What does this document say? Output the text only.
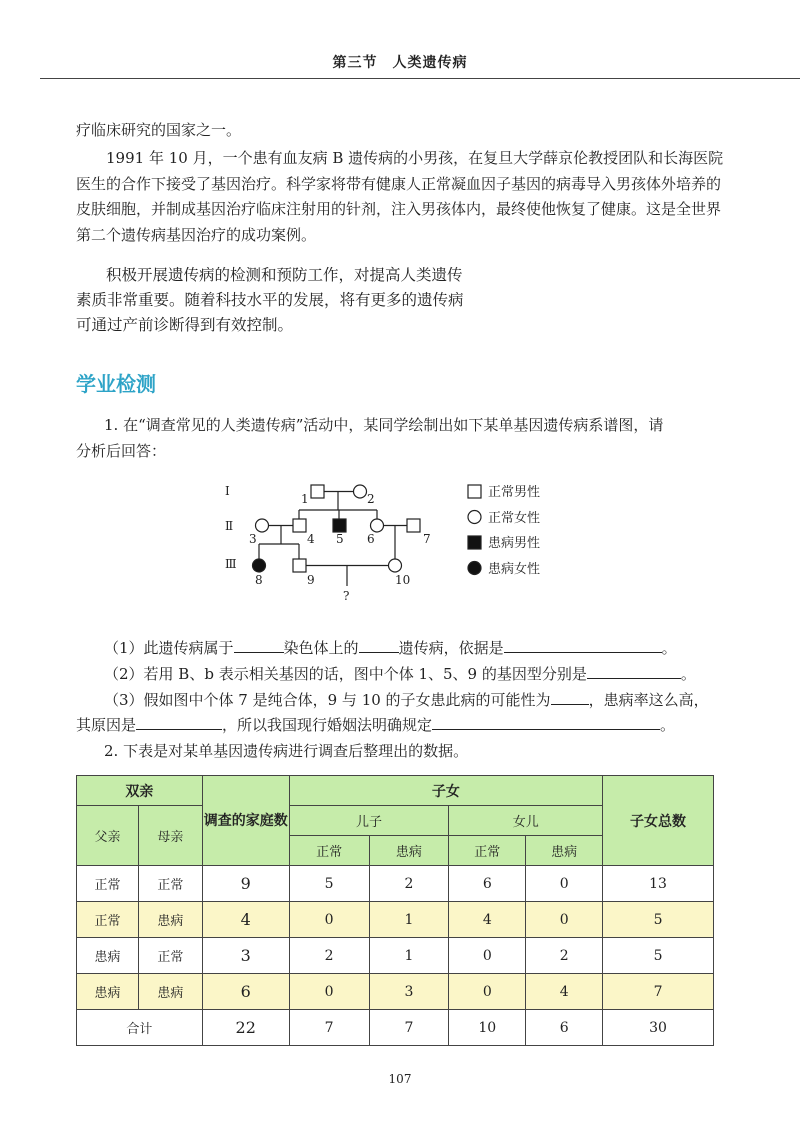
第三节　人类遗传病
疗临床研究的国家之一。
1991 年 10 月，一个患有血友病 B 遗传病的小男孩，在复旦大学薛京伦教授团队和长海医院医生的合作下接受了基因治疗。科学家将带有健康人正常凝血因子基因的病毒导入男孩体外培养的皮肤细胞，并制成基因治疗临床注射用的针剂，注入男孩体内，最终使他恢复了健康。这是全世界第二个遗传病基因治疗的成功案例。
积极开展遗传病的检测和预防工作，对提高人类遗传
素质非常重要。随着科技水平的发展，将有更多的遗传病
可通过产前诊断得到有效控制。
学业检测
1. 在“调查常见的人类遗传病”活动中，某同学绘制出如下某单基因遗传病系谱图，请
分析后回答：
Ⅰ
Ⅱ
Ⅲ
1	2
3	4 5 6	7
8	9	10
?
正常男性
正常女性
患病男性
患病女性
（1）此遗传病属于	染色体上的	遗传病，依据是	。
（2）若用 B、b 表示相关基因的话，图中个体 1、5、9 的基因型分别是	。
（3）假如图中个体 7 是纯合体，9 与 10 的子女患此病的可能性为	，患病率这么高，
其原因是	，所以我国现行婚姻法明确规定	。
2. 下表是对某单基因遗传病进行调查后整理出的数据。
双亲		调查的家庭数	子女				子女总数
父亲	母亲		儿子		女儿		
			正常	患病	正常	患病	
正常	正常	9	5	2	6	0	13
正常	患病	4	0	1	4	0	5
患病	正常	3	2	1	0	2	5
患病	患病	6	0	3	0	4	7
合计		22	7	7	10	6	30
107
